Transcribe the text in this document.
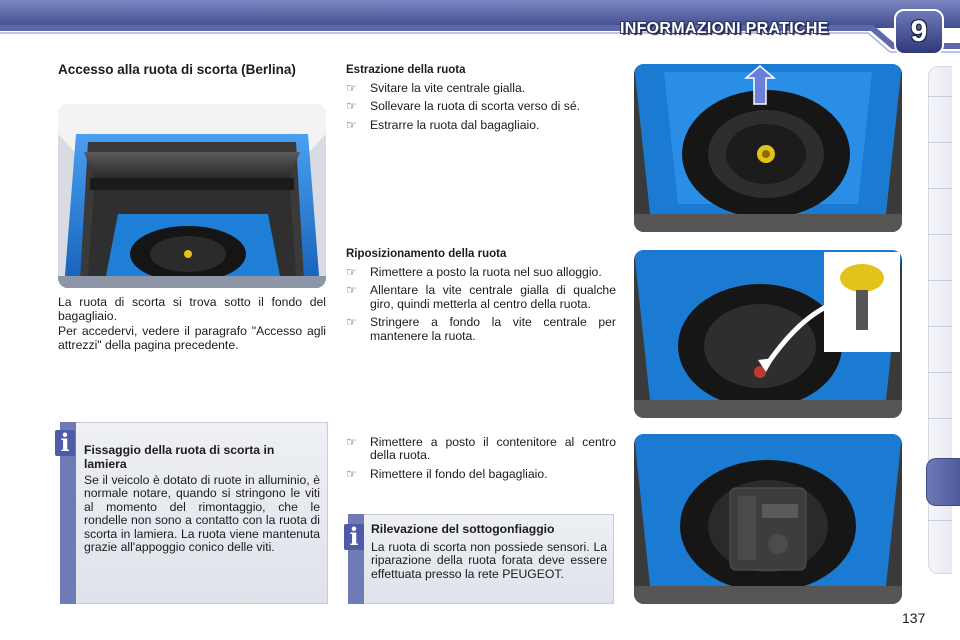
INFORMAZIONI PRATICHE	9
Accesso alla ruota di scorta (Berlina)
La ruota di scorta si trova sotto il fondo del bagagliaio.
Per accedervi, vedere il paragrafo "Accesso agli attrezzi" della pagina precedente.
i	Fissaggio della ruota di scorta in lamiera
Se il veicolo è dotato di ruote in alluminio, è normale notare, quando si stringono le viti al momento del rimontaggio, che le rondelle non sono a contatto con la ruota di scorta in lamiera. La ruota viene mantenuta grazie all'appoggio conico delle viti.
Estrazione della ruota
☞ Svitare la vite centrale gialla.
☞ Sollevare la ruota di scorta verso di sé.
☞ Estrarre la ruota dal bagagliaio.
Riposizionamento della ruota
☞ Rimettere a posto la ruota nel suo alloggio.
☞ Allentare la vite centrale gialla di qualche giro, quindi metterla al centro della ruota.
☞ Stringere a fondo la vite centrale per mantenere la ruota.
☞ Rimettere a posto il contenitore al centro della ruota.
☞ Rimettere il fondo del bagagliaio.
i	Rilevazione del sottogonfiaggio
La ruota di scorta non possiede sensori. La riparazione della ruota forata deve essere effettuata presso la rete PEUGEOT.
137
